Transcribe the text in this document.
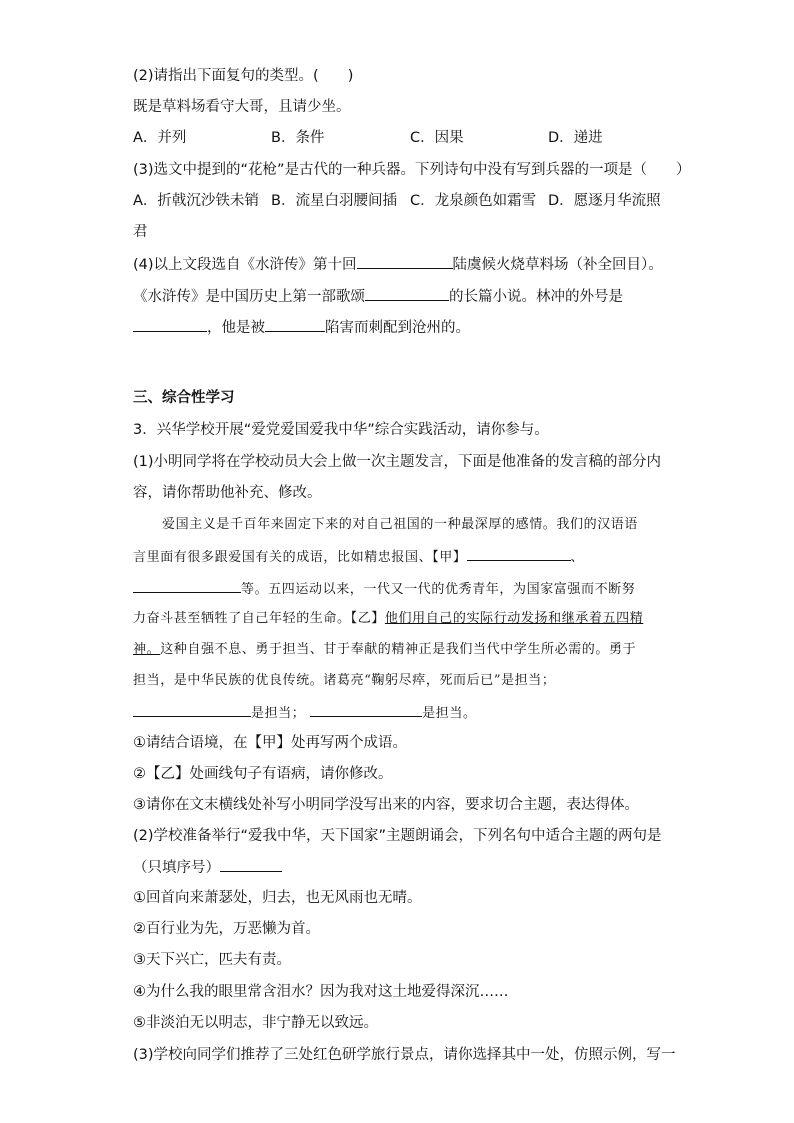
(2)请指出下面复句的类型。(　　)
既是草料场看守大哥，且请少坐。
A．并列	B．条件	C．因果	D．递进
(3)选文中提到的“花枪”是古代的一种兵器。下列诗句中没有写到兵器的一项是（　　）
A．折戟沉沙铁未销 B．流星白羽腰间插 C．龙泉颜色如霜雪 D．愿逐月华流照
君
(4)以上文段选自《水浒传》第十回	陆虞候火烧草料场（补全回目）。
《水浒传》是中国历史上第一部歌颂	的长篇小说。林冲的外号是
，他是被	陷害而刺配到沧州的。
三、综合性学习
3．兴华学校开展“爱党爱国爱我中华”综合实践活动，请你参与。
(1)小明同学将在学校动员大会上做一次主题发言，下面是他准备的发言稿的部分内
容，请你帮助他补充、修改。
爱国主义是千百年来固定下来的对自己祖国的一种最深厚的感情。我们的汉语语
言里面有很多跟爱国有关的成语，比如精忠报国、【甲】	、
等。五四运动以来，一代又一代的优秀青年，为国家富强而不断努
力奋斗甚至牺牲了自己年轻的生命。【乙】他们用自己的实际行动发扬和继承着五四精
神。这种自强不息、勇于担当、甘于奉献的精神正是我们当代中学生所必需的。勇于
担当，是中华民族的优良传统。诸葛亮“鞠躬尽瘁，死而后已”是担当；
是担当；	是担当。
①请结合语境，在【甲】处再写两个成语。
②【乙】处画线句子有语病，请你修改。
③请你在文末横线处补写小明同学没写出来的内容，要求切合主题，表达得体。
(2)学校准备举行“爱我中华，天下国家”主题朗诵会，下列名句中适合主题的两句是
（只填序号）
①回首向来萧瑟处，归去，也无风雨也无晴。
②百行业为先，万恶懒为首。
③天下兴亡，匹夫有责。
④为什么我的眼里常含泪水？因为我对这土地爱得深沉……
⑤非淡泊无以明志，非宁静无以致远。
(3)学校向同学们推荐了三处红色研学旅行景点，请你选择其中一处，仿照示例，写一
